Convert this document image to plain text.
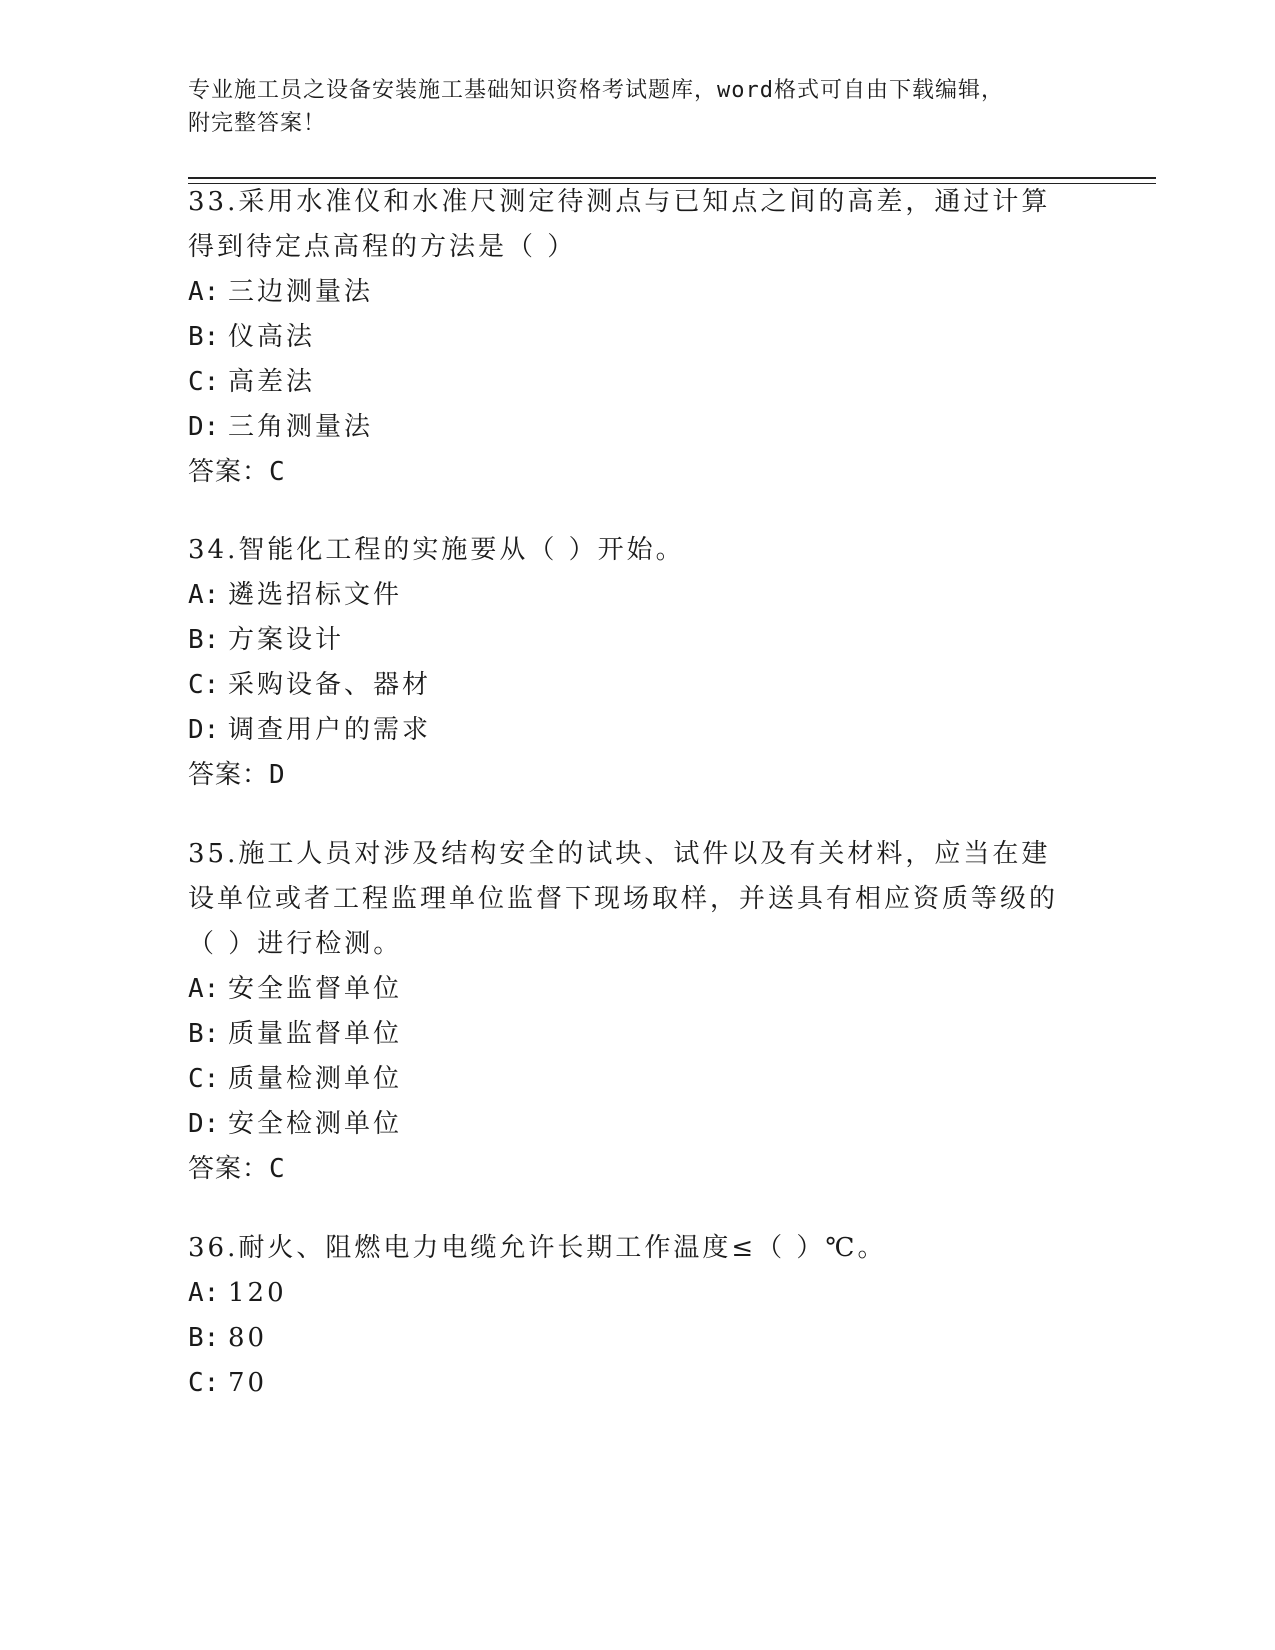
专业施工员之设备安装施工基础知识资格考试题库，word格式可自由下载编辑，
附完整答案！

33.采用水准仪和水准尺测定待测点与已知点之间的高差，通过计算得到待定点高程的方法是（ ）

A: 三边测量法

B: 仪高法

C: 高差法

D: 三角测量法

答案：C

34.智能化工程的实施要从（ ）开始。

A: 遴选招标文件

B: 方案设计

C: 采购设备、器材

D: 调查用户的需求

答案：D

35.施工人员对涉及结构安全的试块、试件以及有关材料，应当在建设单位或者工程监理单位监督下现场取样，并送具有相应资质等级的（ ）进行检测。

A: 安全监督单位

B: 质量监督单位

C: 质量检测单位

D: 安全检测单位

答案：C

36.耐火、阻燃电力电缆允许长期工作温度≤（ ）℃。

A: 120

B: 80

C: 70
